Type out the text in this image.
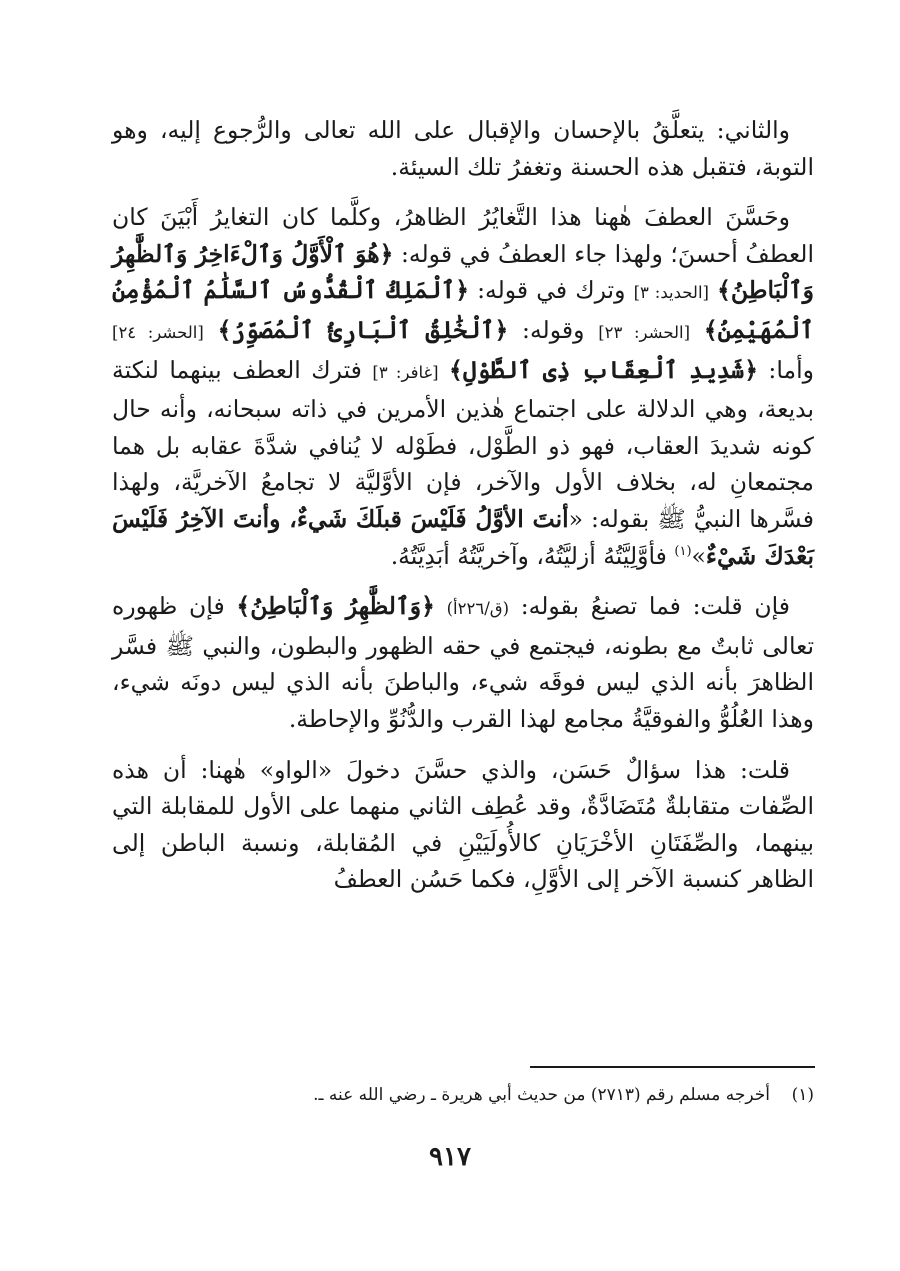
والثاني: يتعلَّقُ بالإحسان والإقبال على الله تعالى والرُّجوع إليه، وهو التوبة، فتقبل هذه الحسنة وتغفرُ تلك السيئة.

وحَسَّنَ العطفَ هٰهنا هذا التَّغايُرُ الظاهرُ، وكلَّما كان التغايرُ أَبْيَنَ كان العطفُ أحسنَ؛ ولهذا جاء العطفُ في قوله: ﴿هُوَ ٱلْأَوَّلُ وَٱلْءَاخِرُ وَٱلظَّٰهِرُ وَٱلْبَاطِنُ﴾ [الحديد: ٣] وترك في قوله: ﴿ٱلْمَلِكُ ٱلْقُدُّوسُ ٱلسَّلَٰمُ ٱلْمُؤْمِنُ ٱلْمُهَيْمِنُ﴾ [الحشر: ٢٣] وقوله: ﴿ٱلْخَٰلِقُ ٱلْبَارِئُ ٱلْمُصَوِّرُ﴾ [الحشر: ٢٤] وأما: ﴿شَدِيدِ ٱلْعِقَابِ ذِى ٱلطَّوْلِ﴾ [غافر: ٣] فترك العطف بينهما لنكتة بديعة، وهي الدلالة على اجتماع هٰذين الأمرين في ذاته سبحانه، وأنه حال كونه شديدَ العقاب، فهو ذو الطَّوْل، فطَوْله لا يُنافي شدَّةَ عقابه بل هما مجتمعانِ له، بخلاف الأول والآخر، فإن الأوَّليَّة لا تجامعُ الآخريَّة، ولهذا فسَّرها النبيُّ ﷺ بقوله: «أنتَ الأوَّلُ فَلَيْسَ قبلَكَ شَيءٌ، وأنتَ الآخِرُ فَلَيْسَ بَعْدَكَ شَيْءٌ»$^{(١)}$ فأوَّلِيَّتُهُ أزليَّتُهُ، وآخريَّتُهُ أبَدِيَّتُهُ.

فإن قلت: فما تصنعُ بقوله: (ق/٢٢٦أ) ﴿وَٱلظَّٰهِرُ وَٱلْبَاطِنُ﴾ فإن ظهوره تعالى ثابتٌ مع بطونه، فيجتمع في حقه الظهور والبطون، والنبي ﷺ فسَّر الظاهرَ بأنه الذي ليس فوقَه شيء، والباطنَ بأنه الذي ليس دونَه شيء، وهذا العُلُوُّ والفوقيَّةُ مجامع لهذا القرب والدُّنُوِّ والإحاطة.

قلت: هذا سؤالٌ حَسَن، والذي حسَّنَ دخولَ «الواو» هٰهنا: أن هذه الصِّفات متقابلةٌ مُتَضَادَّةٌ، وقد عُطِف الثاني منهما على الأول للمقابلة التي بينهما، والصِّفَتَانِ الأخْرَيَانِ كالأُولَيَيْنِ في المُقابلة، ونسبة الباطن إلى الظاهر كنسبة الآخر إلى الأوَّلِ، فكما حَسُن العطفُ

(١)    أخرجه مسلم رقم (٢٧١٣) من حديث أبي هريرة ـ رضي الله عنه ـ.
٩١٧
